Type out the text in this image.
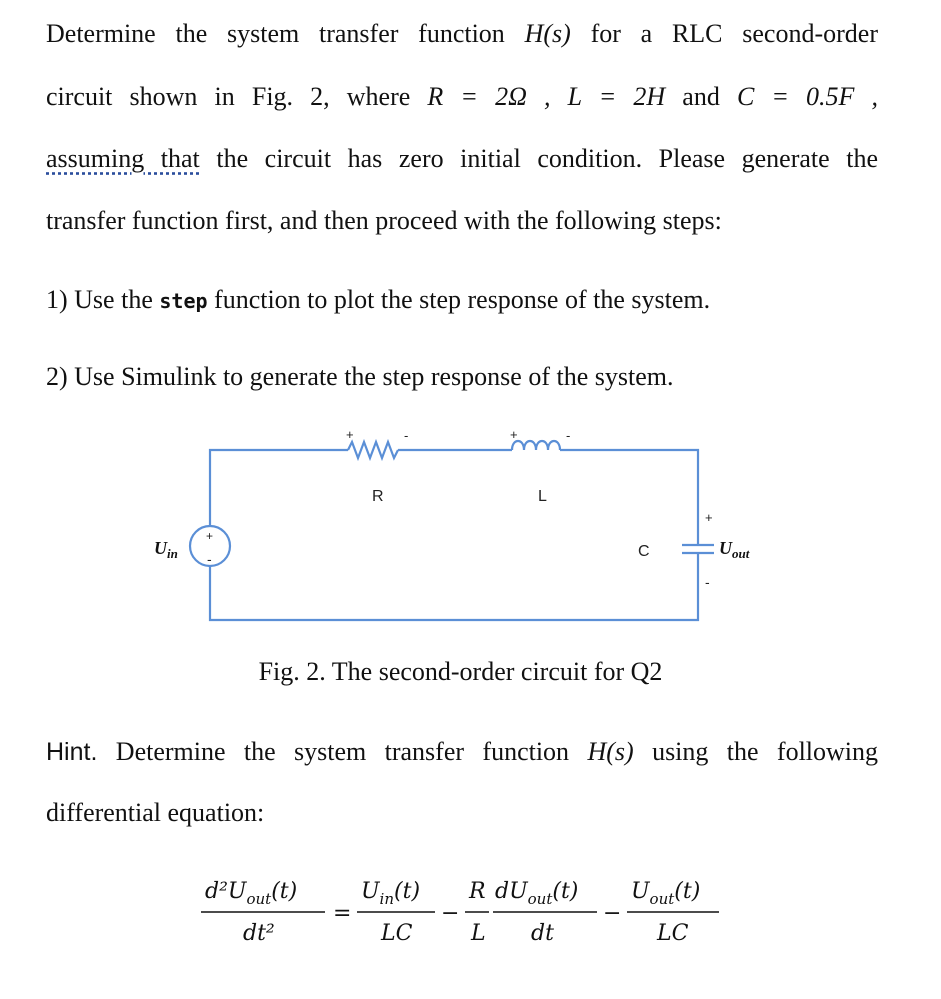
Determine the system transfer function H(s) for a RLC second-order
circuit shown in Fig. 2, where R = 2Ω , L = 2H and C = 0.5F ,
assuming that the circuit has zero initial condition. Please generate the
transfer function first, and then proceed with the following steps:
1) Use the step function to plot the step response of the system.
2) Use Simulink to generate the step response of the system.
+	-	+	-
+
-
+
-
R	L
C
$U_{in}$	$U_{out}$
Fig. 2. The second-order circuit for Q2
Hint. Determine the system transfer function H(s) using the following
differential equation:
$d^2U_{out}(t)$
dt²
=
$U_{in}(t)$
LC
−
R
L
$dU_{out}(t)$
dt
−
$U_{out}(t)$
LC
